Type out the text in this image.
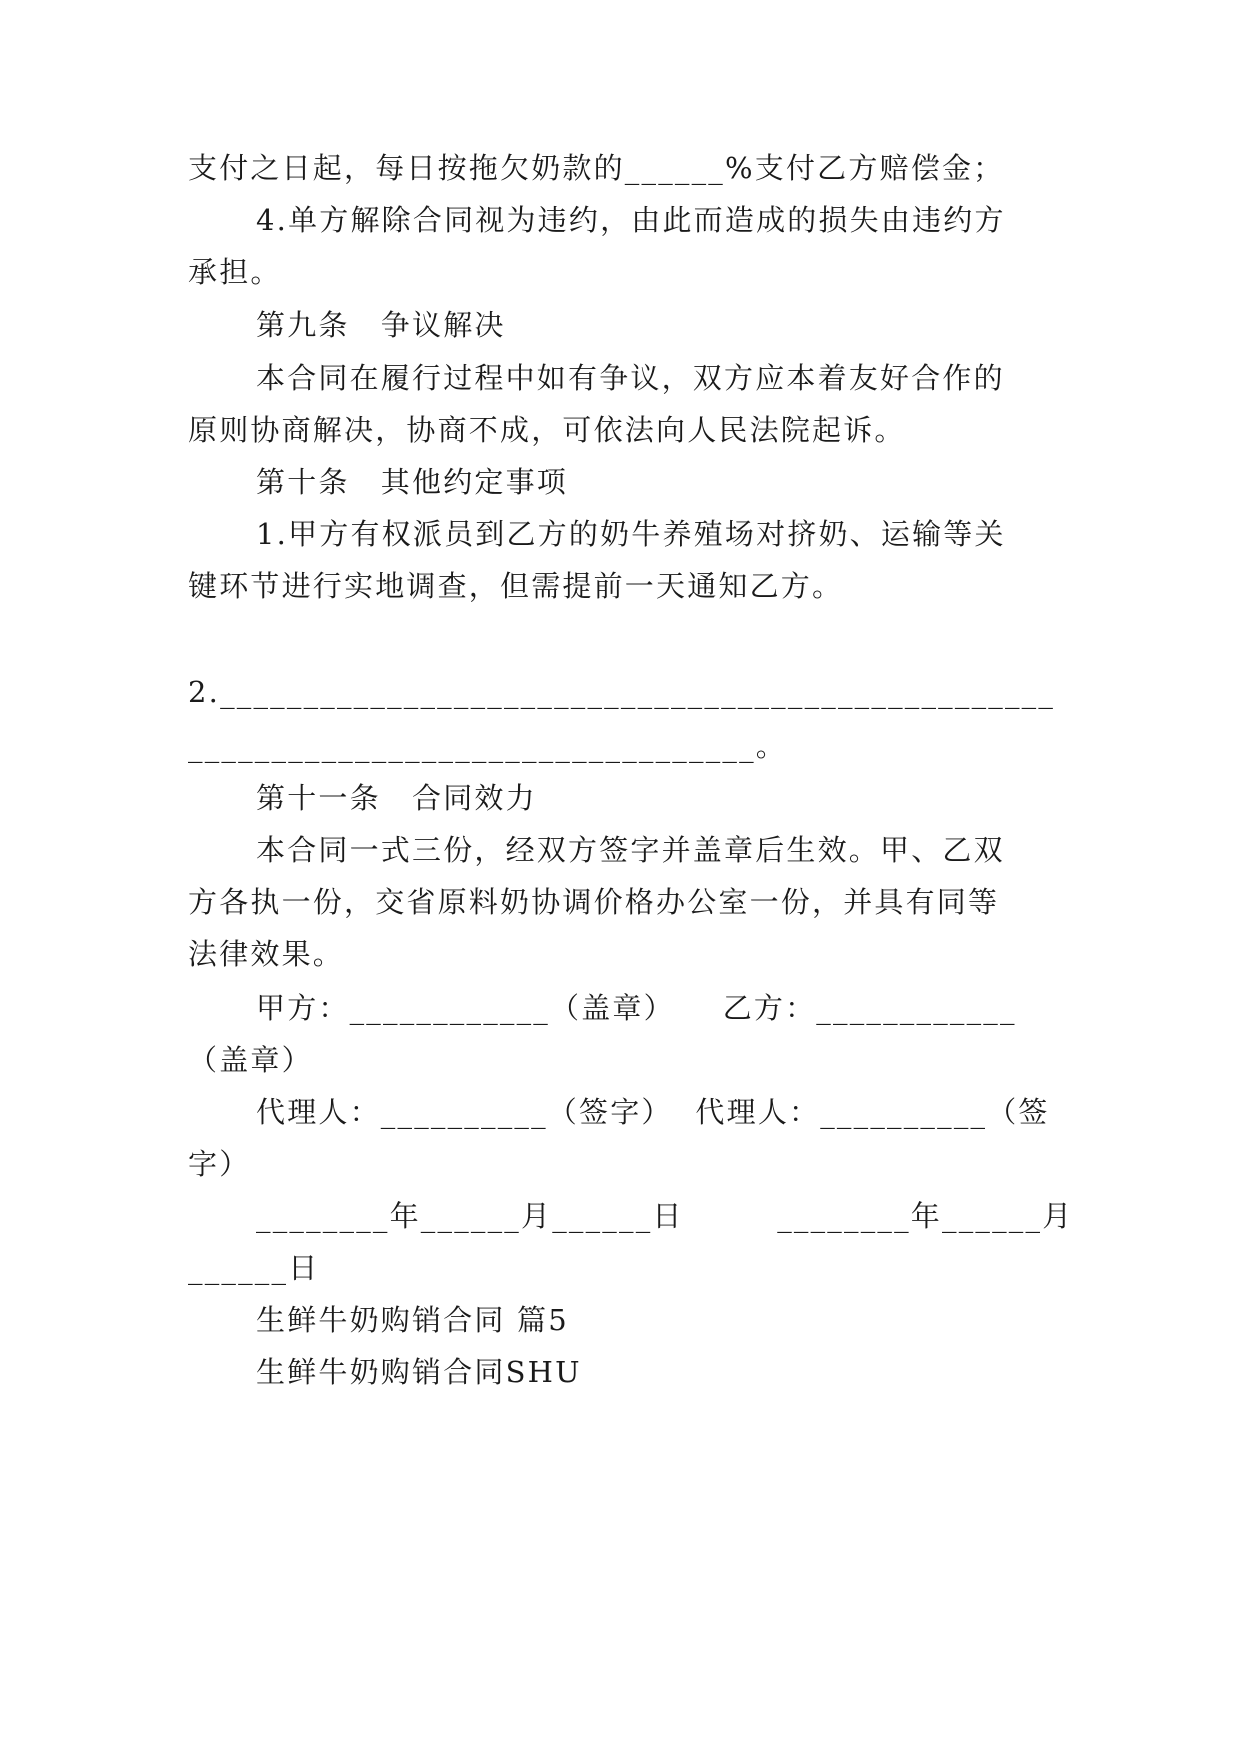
支付之日起，每日按拖欠奶款的______%支付乙方赔偿金；
4.单方解除合同视为违约，由此而造成的损失由违约方
承担。
第九条　争议解决
本合同在履行过程中如有争议，双方应本着友好合作的
原则协商解决，协商不成，可依法向人民法院起诉。
第十条　其他约定事项
1.甲方有权派员到乙方的奶牛养殖场对挤奶、运输等关
键环节进行实地调查，但需提前一天通知乙方。
2.__________________________________________________
__________________________________。
第十一条　合同效力
本合同一式三份，经双方签字并盖章后生效。甲、乙双
方各执一份，交省原料奶协调价格办公室一份，并具有同等
法律效果。
甲方：____________（盖章）　　乙方：____________
（盖章）
代理人：__________（签字）  代理人：__________（签
字）
________年______月______日　　　________年______月
______日
生鲜牛奶购销合同 篇5
生鲜牛奶购销合同SHU
